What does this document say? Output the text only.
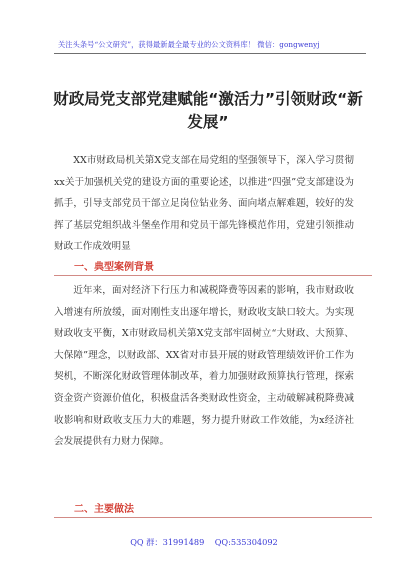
关注头条号“公文研究”，获得最新最全最专业的公文资料库！ 微信：gongwenyj
财政局党支部党建赋能“激活力”引领财政“新发展”

XX市财政局机关第X党支部在局党组的坚强领导下，深入学习贯彻xx关于加强机关党的建设方面的重要论述，以推进“四强”党支部建设为抓手，引导支部党员干部立足岗位钻业务、面向堵点解难题，较好的发挥了基层党组织战斗堡垒作用和党员干部先锋模范作用，党建引领推动财政工作成效明显

一、典型案例背景

近年来，面对经济下行压力和减税降费等因素的影响，我市财政收入增速有所放缓，面对刚性支出逐年增长，财政收支缺口较大。为实现财政收支平衡，X市财政局机关第X党支部牢固树立“大财政、大预算、大保障”理念，以财政部、XX省对市县开展的财政管理绩效评价工作为契机，不断深化财政管理体制改革，着力加强财政预算执行管理，探索资金资产资源价值化，积极盘活各类财政性资金，主动破解减税降费减收影响和财政收支压力大的难题，努力提升财政工作效能，为x经济社会发展提供有力财力保障。

二、主要做法

QQ 群：31991489    QQ:535304092
